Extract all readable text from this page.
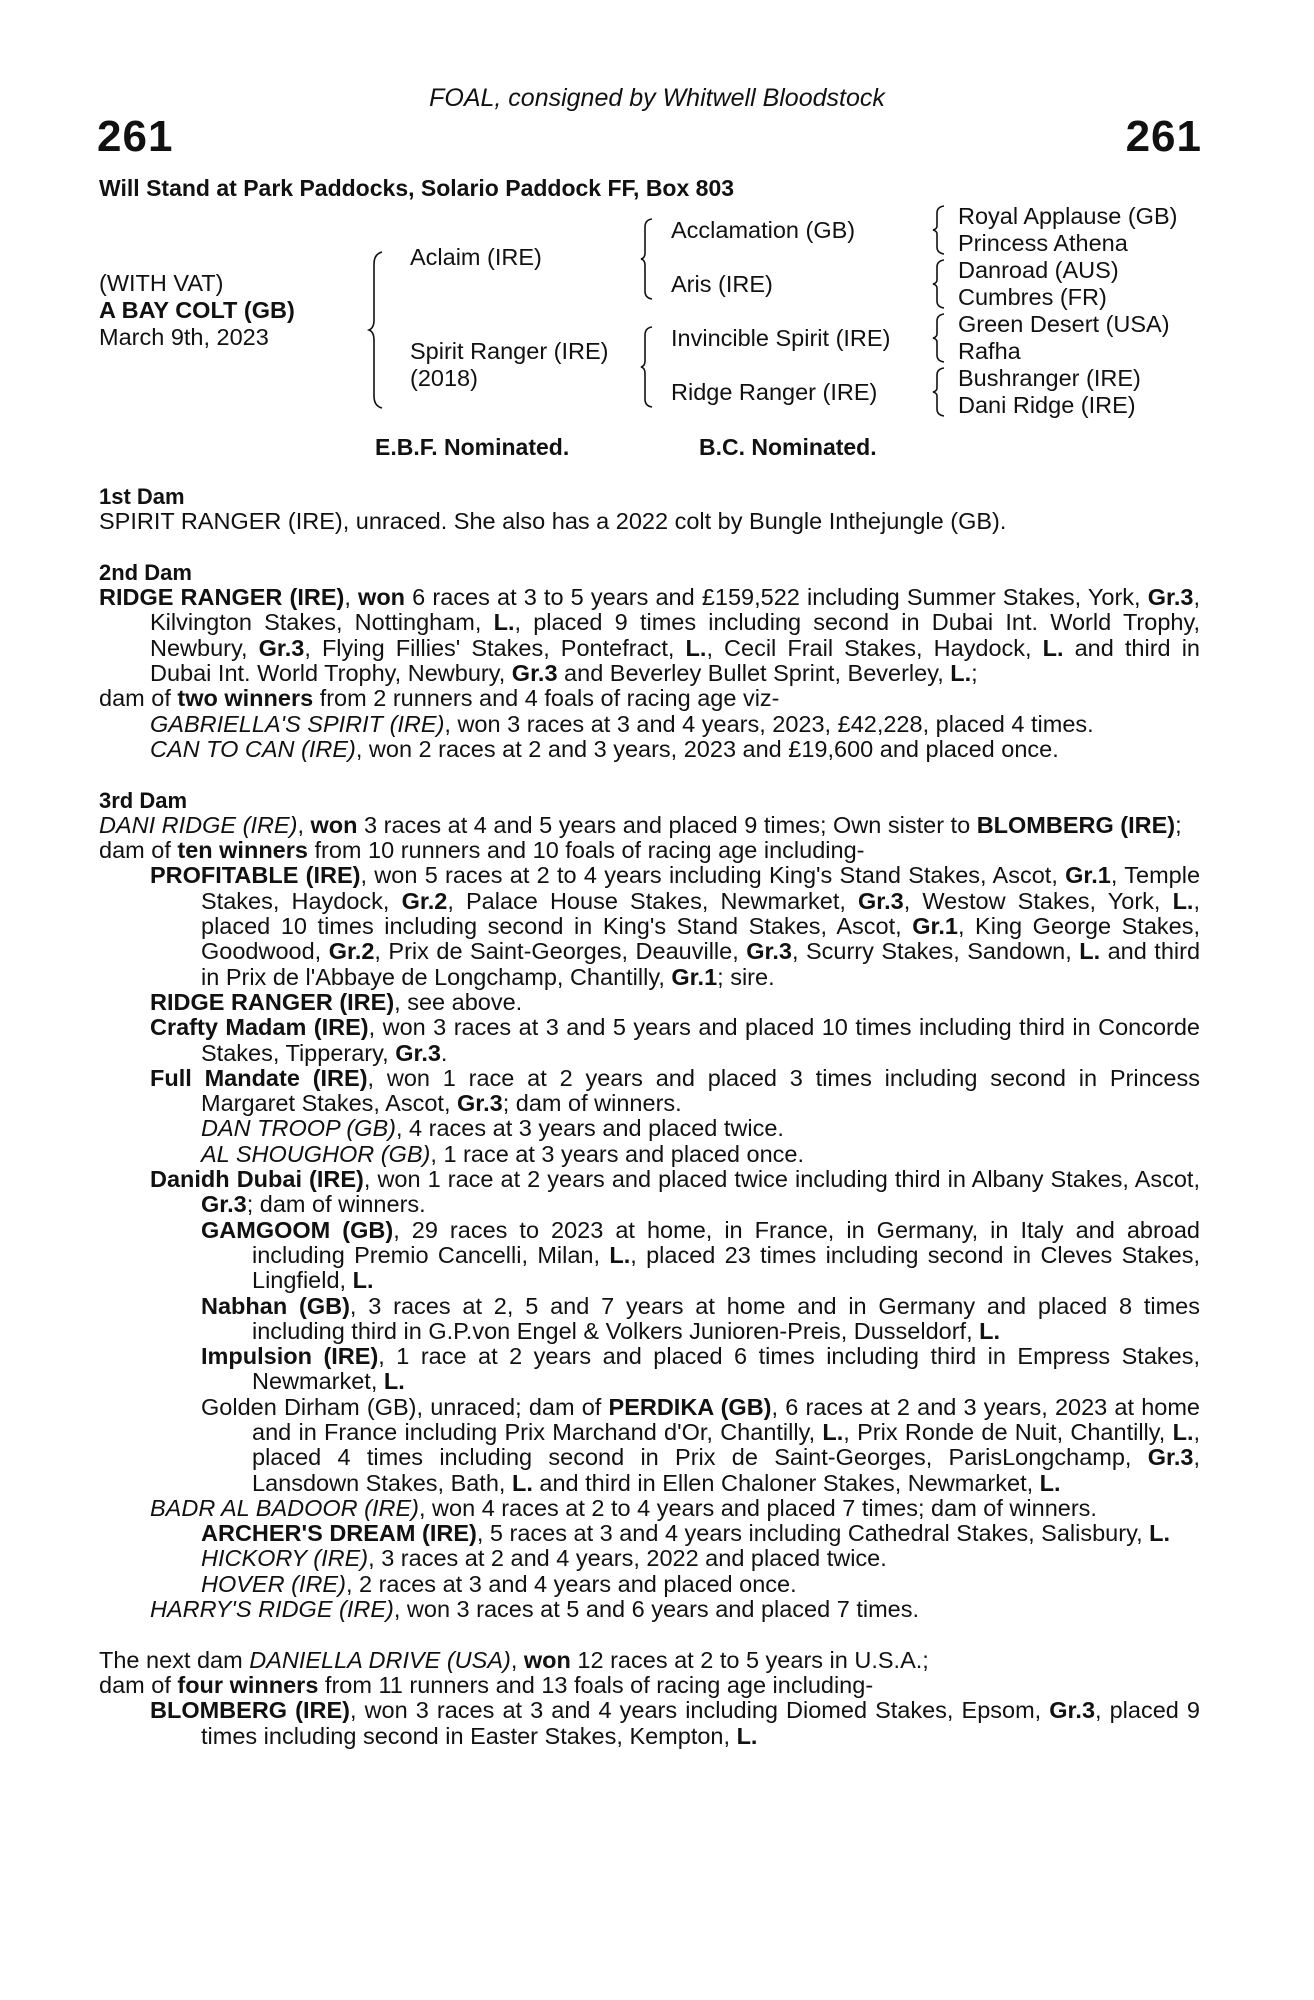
FOAL, consigned by Whitwell Bloodstock
261	261
Will Stand at Park Paddocks, Solario Paddock FF, Box 803
(WITH VAT)
A BAY COLT (GB)
March 9th, 2023
Aclaim (IRE)
Spirit Ranger (IRE)
(2018)
Acclamation (GB)
Aris (IRE)
Invincible Spirit (IRE)
Ridge Ranger (IRE)
Royal Applause (GB)
Princess Athena
Danroad (AUS)
Cumbres (FR)
Green Desert (USA)
Rafha
Bushranger (IRE)
Dani Ridge (IRE)
E.B.F. Nominated.	B.C. Nominated.
1st Dam

SPIRIT RANGER (IRE), unraced. She also has a 2022 colt by Bungle Inthejungle (GB).

2nd Dam

RIDGE RANGER (IRE), won 6 races at 3 to 5 years and £159,522 including Summer Stakes, York, Gr.3, Kilvington Stakes, Nottingham, L., placed 9 times including second in Dubai Int. World Trophy, Newbury, Gr.3, Flying Fillies' Stakes, Pontefract, L., Cecil Frail Stakes, Haydock, L. and third in Dubai Int. World Trophy, Newbury, Gr.3 and Beverley Bullet Sprint, Beverley, L.;

dam of two winners from 2 runners and 4 foals of racing age viz-

GABRIELLA'S SPIRIT (IRE), won 3 races at 3 and 4 years, 2023, £42,228, placed 4 times.

CAN TO CAN (IRE), won 2 races at 2 and 3 years, 2023 and £19,600 and placed once.

3rd Dam

DANI RIDGE (IRE), won 3 races at 4 and 5 years and placed 9 times; Own sister to BLOMBERG (IRE);

dam of ten winners from 10 runners and 10 foals of racing age including-

PROFITABLE (IRE), won 5 races at 2 to 4 years including King's Stand Stakes, Ascot, Gr.1, Temple Stakes, Haydock, Gr.2, Palace House Stakes, Newmarket, Gr.3, Westow Stakes, York, L., placed 10 times including second in King's Stand Stakes, Ascot, Gr.1, King George Stakes, Goodwood, Gr.2, Prix de Saint-Georges, Deauville, Gr.3, Scurry Stakes, Sandown, L. and third in Prix de l'Abbaye de Longchamp, Chantilly, Gr.1; sire.

RIDGE RANGER (IRE), see above.

Crafty Madam (IRE), won 3 races at 3 and 5 years and placed 10 times including third in Concorde Stakes, Tipperary, Gr.3.

Full Mandate (IRE), won 1 race at 2 years and placed 3 times including second in Princess Margaret Stakes, Ascot, Gr.3; dam of winners.

DAN TROOP (GB), 4 races at 3 years and placed twice.

AL SHOUGHOR (GB), 1 race at 3 years and placed once.

Danidh Dubai (IRE), won 1 race at 2 years and placed twice including third in Albany Stakes, Ascot, Gr.3; dam of winners.

GAMGOOM (GB), 29 races to 2023 at home, in France, in Germany, in Italy and abroad including Premio Cancelli, Milan, L., placed 23 times including second in Cleves Stakes, Lingfield, L.

Nabhan (GB), 3 races at 2, 5 and 7 years at home and in Germany and placed 8 times including third in G.P.von Engel & Volkers Junioren-Preis, Dusseldorf, L.

Impulsion (IRE), 1 race at 2 years and placed 6 times including third in Empress Stakes, Newmarket, L.

Golden Dirham (GB), unraced; dam of PERDIKA (GB), 6 races at 2 and 3 years, 2023 at home and in France including Prix Marchand d'Or, Chantilly, L., Prix Ronde de Nuit, Chantilly, L., placed 4 times including second in Prix de Saint-Georges, ParisLongchamp, Gr.3, Lansdown Stakes, Bath, L. and third in Ellen Chaloner Stakes, Newmarket, L.

BADR AL BADOOR (IRE), won 4 races at 2 to 4 years and placed 7 times; dam of winners.

ARCHER'S DREAM (IRE), 5 races at 3 and 4 years including Cathedral Stakes, Salisbury, L.

HICKORY (IRE), 3 races at 2 and 4 years, 2022 and placed twice.

HOVER (IRE), 2 races at 3 and 4 years and placed once.

HARRY'S RIDGE (IRE), won 3 races at 5 and 6 years and placed 7 times.

The next dam DANIELLA DRIVE (USA), won 12 races at 2 to 5 years in U.S.A.;

dam of four winners from 11 runners and 13 foals of racing age including-

BLOMBERG (IRE), won 3 races at 3 and 4 years including Diomed Stakes, Epsom, Gr.3, placed 9 times including second in Easter Stakes, Kempton, L.
